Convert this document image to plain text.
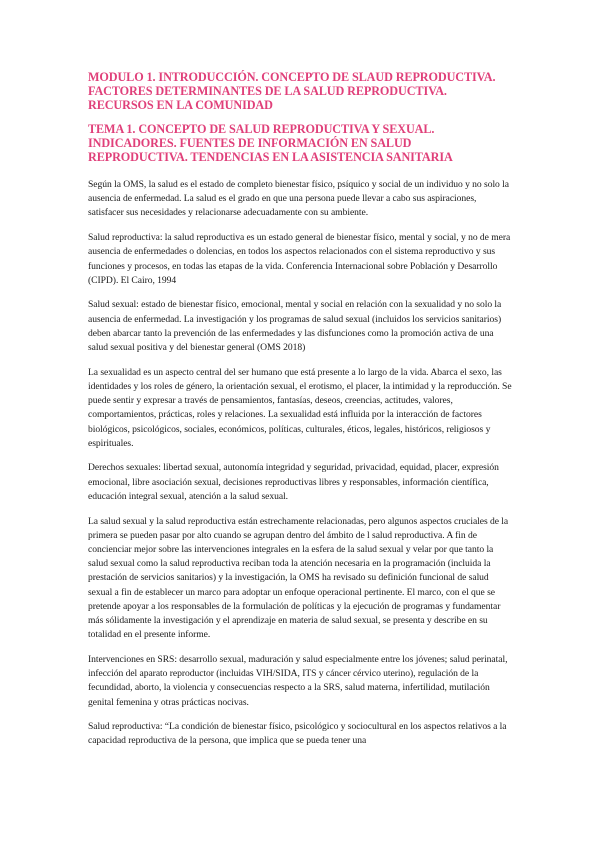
MODULO 1. INTRODUCCIÓN. CONCEPTO DE SLAUD REPRODUCTIVA. FACTORES DETERMINANTES DE LA SALUD REPRODUCTIVA. RECURSOS EN LA COMUNIDAD
TEMA 1. CONCEPTO DE SALUD REPRODUCTIVA Y SEXUAL. INDICADORES. FUENTES DE INFORMACIÓN EN SALUD REPRODUCTIVA. TENDENCIAS EN LA ASISTENCIA SANITARIA

Según la OMS, la salud es el estado de completo bienestar físico, psíquico y social de un individuo y no solo la ausencia de enfermedad. La salud es el grado en que una persona puede llevar a cabo sus aspiraciones, satisfacer sus necesidades y relacionarse adecuadamente con su ambiente.

Salud reproductiva: la salud reproductiva es un estado general de bienestar físico, mental y social, y no de mera ausencia de enfermedades o dolencias, en todos los aspectos relacionados con el sistema reproductivo y sus funciones y procesos, en todas las etapas de la vida. Conferencia Internacional sobre Población y Desarrollo (CIPD). El Cairo, 1994

Salud sexual: estado de bienestar físico, emocional, mental y social en relación con la sexualidad y no solo la ausencia de enfermedad. La investigación y los programas de salud sexual (incluidos los servicios sanitarios) deben abarcar tanto la prevención de las enfermedades y las disfunciones como la promoción activa de una salud sexual positiva y del bienestar general (OMS 2018)

La sexualidad es un aspecto central del ser humano que está presente a lo largo de la vida. Abarca el sexo, las identidades y los roles de género, la orientación sexual, el erotismo, el placer, la intimidad y la reproducción. Se puede sentir y expresar a través de pensamientos, fantasías, deseos, creencias, actitudes, valores, comportamientos, prácticas, roles y relaciones. La sexualidad está influida por la interacción de factores biológicos, psicológicos, sociales, económicos, políticas, culturales, éticos, legales, históricos, religiosos y espirituales.

Derechos sexuales: libertad sexual, autonomía integridad y seguridad, privacidad, equidad, placer, expresión emocional, libre asociación sexual, decisiones reproductivas libres y responsables, información científica, educación integral sexual, atención a la salud sexual.

La salud sexual y la salud reproductiva están estrechamente relacionadas, pero algunos aspectos cruciales de la primera se pueden pasar por alto cuando se agrupan dentro del ámbito de l salud reproductiva. A fin de concienciar mejor sobre las intervenciones integrales en la esfera de la salud sexual y velar por que tanto la salud sexual como la salud reproductiva reciban toda la atención necesaria en la programación (incluida la prestación de servicios sanitarios) y la investigación, la OMS ha revisado su definición funcional de salud sexual a fin de establecer un marco para adoptar un enfoque operacional pertinente. El marco, con el que se pretende apoyar a los responsables de la formulación de políticas y la ejecución de programas y fundamentar más sólidamente la investigación y el aprendizaje en materia de salud sexual, se presenta y describe en su totalidad en el presente informe.

Intervenciones en SRS: desarrollo sexual, maduración y salud especialmente entre los jóvenes; salud perinatal, infección del aparato reproductor (incluidas VIH/SIDA, ITS y cáncer cérvico uterino), regulación de la fecundidad, aborto, la violencia y consecuencias respecto a la SRS, salud materna, infertilidad, mutilación genital femenina y otras prácticas nocivas.

Salud reproductiva: “La condición de bienestar físico, psicológico y sociocultural en los aspectos relativos a la capacidad reproductiva de la persona, que implica que se pueda tener una
